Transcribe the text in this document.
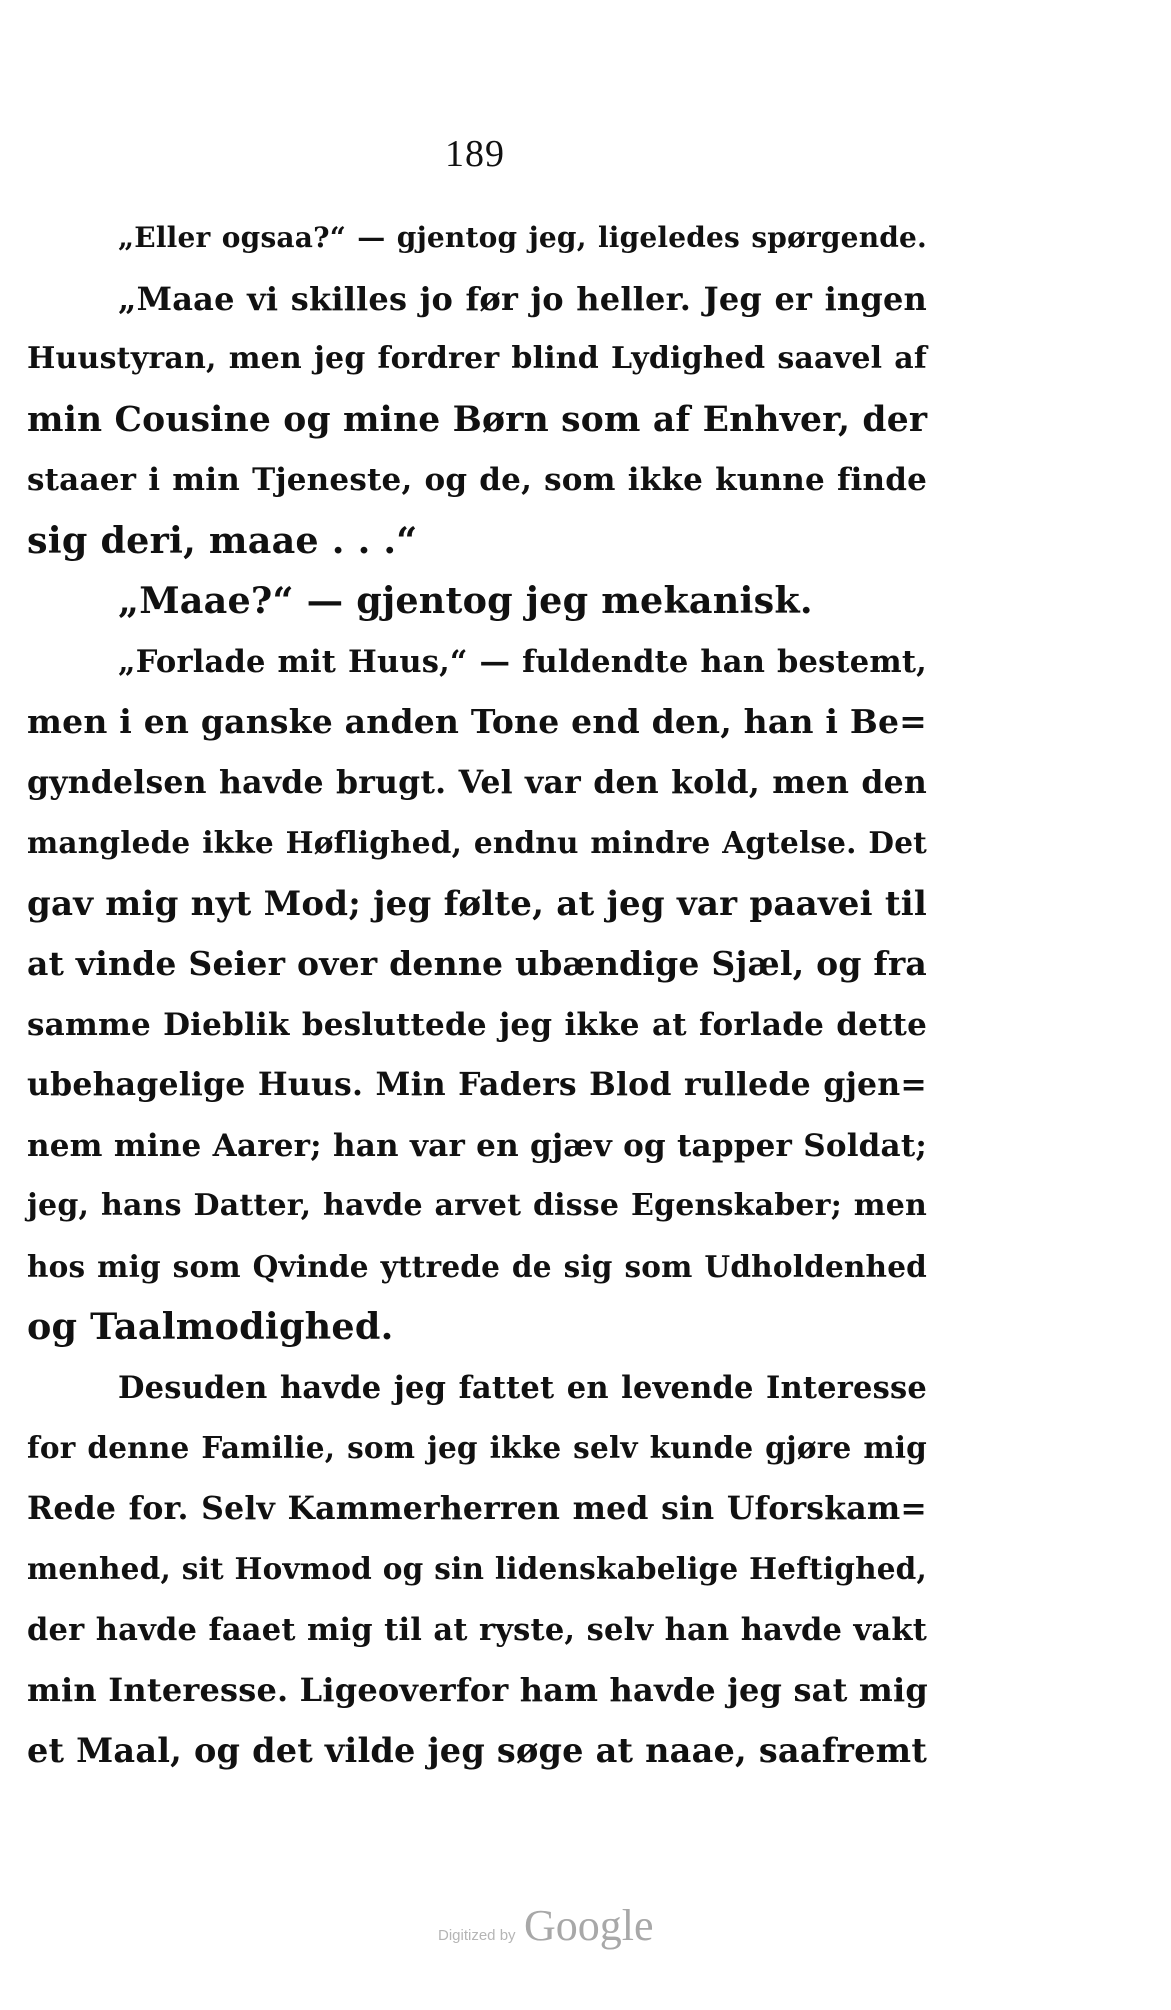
189
„Eller ogsaa?“ — gjentog jeg, ligeledes spørgende.
„Maae vi skilles jo før jo heller. Jeg er ingen
Huustyran, men jeg fordrer blind Lydighed saavel af
min Cousine og mine Børn som af Enhver, der
staaer i min Tjeneste, og de, som ikke kunne finde
sig deri, maae . . .“
„Maae?“ — gjentog jeg mekanisk.
„Forlade mit Huus,“ — fuldendte han bestemt,
men i en ganske anden Tone end den, han i Be=
gyndelsen havde brugt. Vel var den kold, men den
manglede ikke Høflighed, endnu mindre Agtelse. Det
gav mig nyt Mod; jeg følte, at jeg var paavei til
at vinde Seier over denne ubændige Sjæl, og fra
samme Dieblik besluttede jeg ikke at forlade dette
ubehagelige Huus. Min Faders Blod rullede gjen=
nem mine Aarer; han var en gjæv og tapper Soldat;
jeg, hans Datter, havde arvet disse Egenskaber; men
hos mig som Qvinde yttrede de sig som Udholdenhed
og Taalmodighed.
Desuden havde jeg fattet en levende Interesse
for denne Familie, som jeg ikke selv kunde gjøre mig
Rede for. Selv Kammerherren med sin Uforskam=
menhed, sit Hovmod og sin lidenskabelige Heftighed,
der havde faaet mig til at ryste, selv han havde vakt
min Interesse. Ligeoverfor ham havde jeg sat mig
et Maal, og det vilde jeg søge at naae, saafremt
Digitized by Google
